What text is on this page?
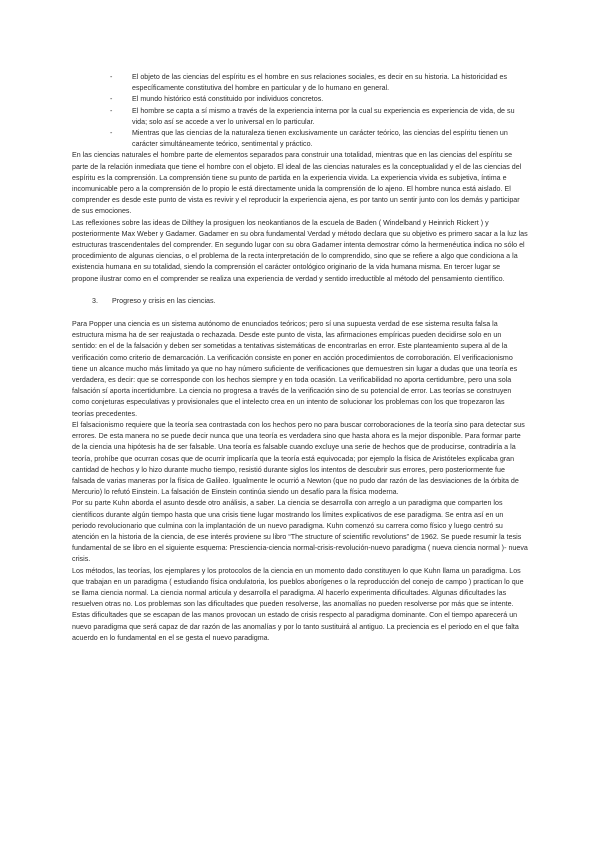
El objeto de las ciencias del espíritu es el hombre en sus relaciones sociales, es decir en su historia. La historicidad es específicamente constitutiva del hombre en particular y de lo humano en general.
El mundo histórico está constituido por individuos concretos.
El hombre se capta a sí mismo a través de la experiencia interna por la cual su experiencia es experiencia de vida, de su vida; solo así se accede a ver lo universal en lo particular.
Mientras que las ciencias de la naturaleza tienen exclusivamente un carácter teórico, las ciencias del espíritu tienen un carácter simultáneamente teórico, sentimental y práctico.

En las ciencias naturales el hombre parte de elementos separados para construir una totalidad, mientras que en las ciencias del espíritu se parte de la relación inmediata que tiene el hombre con el objeto. El ideal de las ciencias naturales es la conceptualidad y el de las ciencias del espíritu es la comprensión. La comprensión tiene su punto de partida en la experiencia vivida. La experiencia vivida es subjetiva, íntima e incomunicable pero a la comprensión de lo propio le está directamente unida la comprensión de lo ajeno. El hombre nunca está aislado. El comprender es desde este punto de vista es revivir y el reproducir la experiencia ajena, es por tanto un sentir junto con los demás y participar de sus emociones.

Las reflexiones sobre las ideas de Dilthey la prosiguen los neokantianos de la escuela de Baden ( Windelband y Heinrich Rickert ) y posteriormente Max Weber y Gadamer. Gadamer en su obra fundamental Verdad y método declara que su objetivo es primero sacar a la luz las estructuras trascendentales del comprender. En segundo lugar con su obra Gadamer intenta demostrar cómo la hermenéutica indica no sólo el procedimiento de algunas ciencias, o el problema de la recta interpretación de lo comprendido, sino que se refiere a algo que condiciona a la existencia humana en su totalidad, siendo la comprensión el carácter ontológico originario de la vida humana misma. En tercer lugar se propone ilustrar como en el comprender se realiza una experiencia de verdad y sentido irreductible al método del pensamiento científico.

3. Progreso y crisis en las ciencias.

Para Popper una ciencia es un sistema autónomo de enunciados teóricos; pero sí una supuesta verdad de ese sistema resulta falsa la estructura misma ha de ser reajustada o rechazada. Desde este punto de vista, las afirmaciones empíricas pueden decidirse solo en un sentido: en el de la falsación y deben ser sometidas a tentativas sistemáticas de encontrarlas en error. Este planteamiento supera al de la verificación como criterio de demarcación. La verificación consiste en poner en acción procedimientos de corroboración. El verificacionismo tiene un alcance mucho más limitado ya que no hay número suficiente de verificaciones que demuestren sin lugar a dudas que una teoría es verdadera, es decir: que se corresponde con los hechos siempre y en toda ocasión. La verificabilidad no aporta certidumbre, pero una sola falsación sí aporta incertidumbre. La ciencia no progresa a través de la verificación sino de su potencial de error. Las teorías se construyen como conjeturas especulativas y provisionales que el intelecto crea en un intento de solucionar los problemas con los que tropezaron las teorías precedentes.

El falsacionismo requiere que la teoría sea contrastada con los hechos pero no para buscar corroboraciones de la teoría sino para detectar sus errores. De esta manera no se puede decir nunca que una teoría es verdadera sino que hasta ahora es la mejor disponible. Para formar parte de la ciencia una hipótesis ha de ser falsable. Una teoría es falsable cuando excluye una serie de hechos que de producirse, contradiría a la teoría, prohíbe que ocurran cosas que de ocurrir implicaría que la teoría está equivocada; por ejemplo la física de Aristóteles explicaba gran cantidad de hechos y lo hizo durante mucho tiempo, resistió durante siglos los intentos de descubrir sus errores, pero posteriormente fue falsada de varias maneras por la física de Galileo. Igualmente le ocurrió a Newton (que no pudo dar razón de las desviaciones de la órbita de Mercurio) lo refutó Einstein. La falsación de Einstein continúa siendo un desafío para la física moderna.

Por su parte Kuhn aborda el asunto desde otro análisis, a saber. La ciencia se desarrolla con arreglo a un paradigma que comparten los científicos durante algún tiempo hasta que una crisis tiene lugar mostrando los límites explicativos de ese paradigma. Se entra así en un periodo revolucionario que culmina con la implantación de un nuevo paradigma. Kuhn comenzó su carrera como físico y luego centró su atención en la historia de la ciencia, de ese interés proviene su libro “The structure of scientific revolutions” de 1962. Se puede resumir la tesis fundamental de se libro en el siguiente esquema: Presciencia-ciencia normal-crisis-revolución-nuevo paradigma ( nueva ciencia normal )- nueva crisis.

Los métodos, las teorías, los ejemplares y los protocolos de la ciencia en un momento dado constituyen lo que Kuhn llama un paradigma. Los que trabajan en un paradigma ( estudiando física ondulatoria, los pueblos aborígenes o la reproducción del conejo de campo ) practican lo que se llama ciencia normal. La ciencia normal articula y desarrolla el paradigma. Al hacerlo experimenta dificultades. Algunas dificultades las resuelven otras no. Los problemas son las dificultades que pueden resolverse, las anomalías no pueden resolverse por más que se intente. Estas dificultades que se escapan de las manos provocan un estado de crisis respecto al paradigma dominante. Con el tiempo aparecerá un nuevo paradigma que será capaz de dar razón de las anomalías y por lo tanto sustituirá al antiguo. La preciencia es el periodo en el que falta acuerdo en lo fundamental en el se gesta el nuevo paradigma.
